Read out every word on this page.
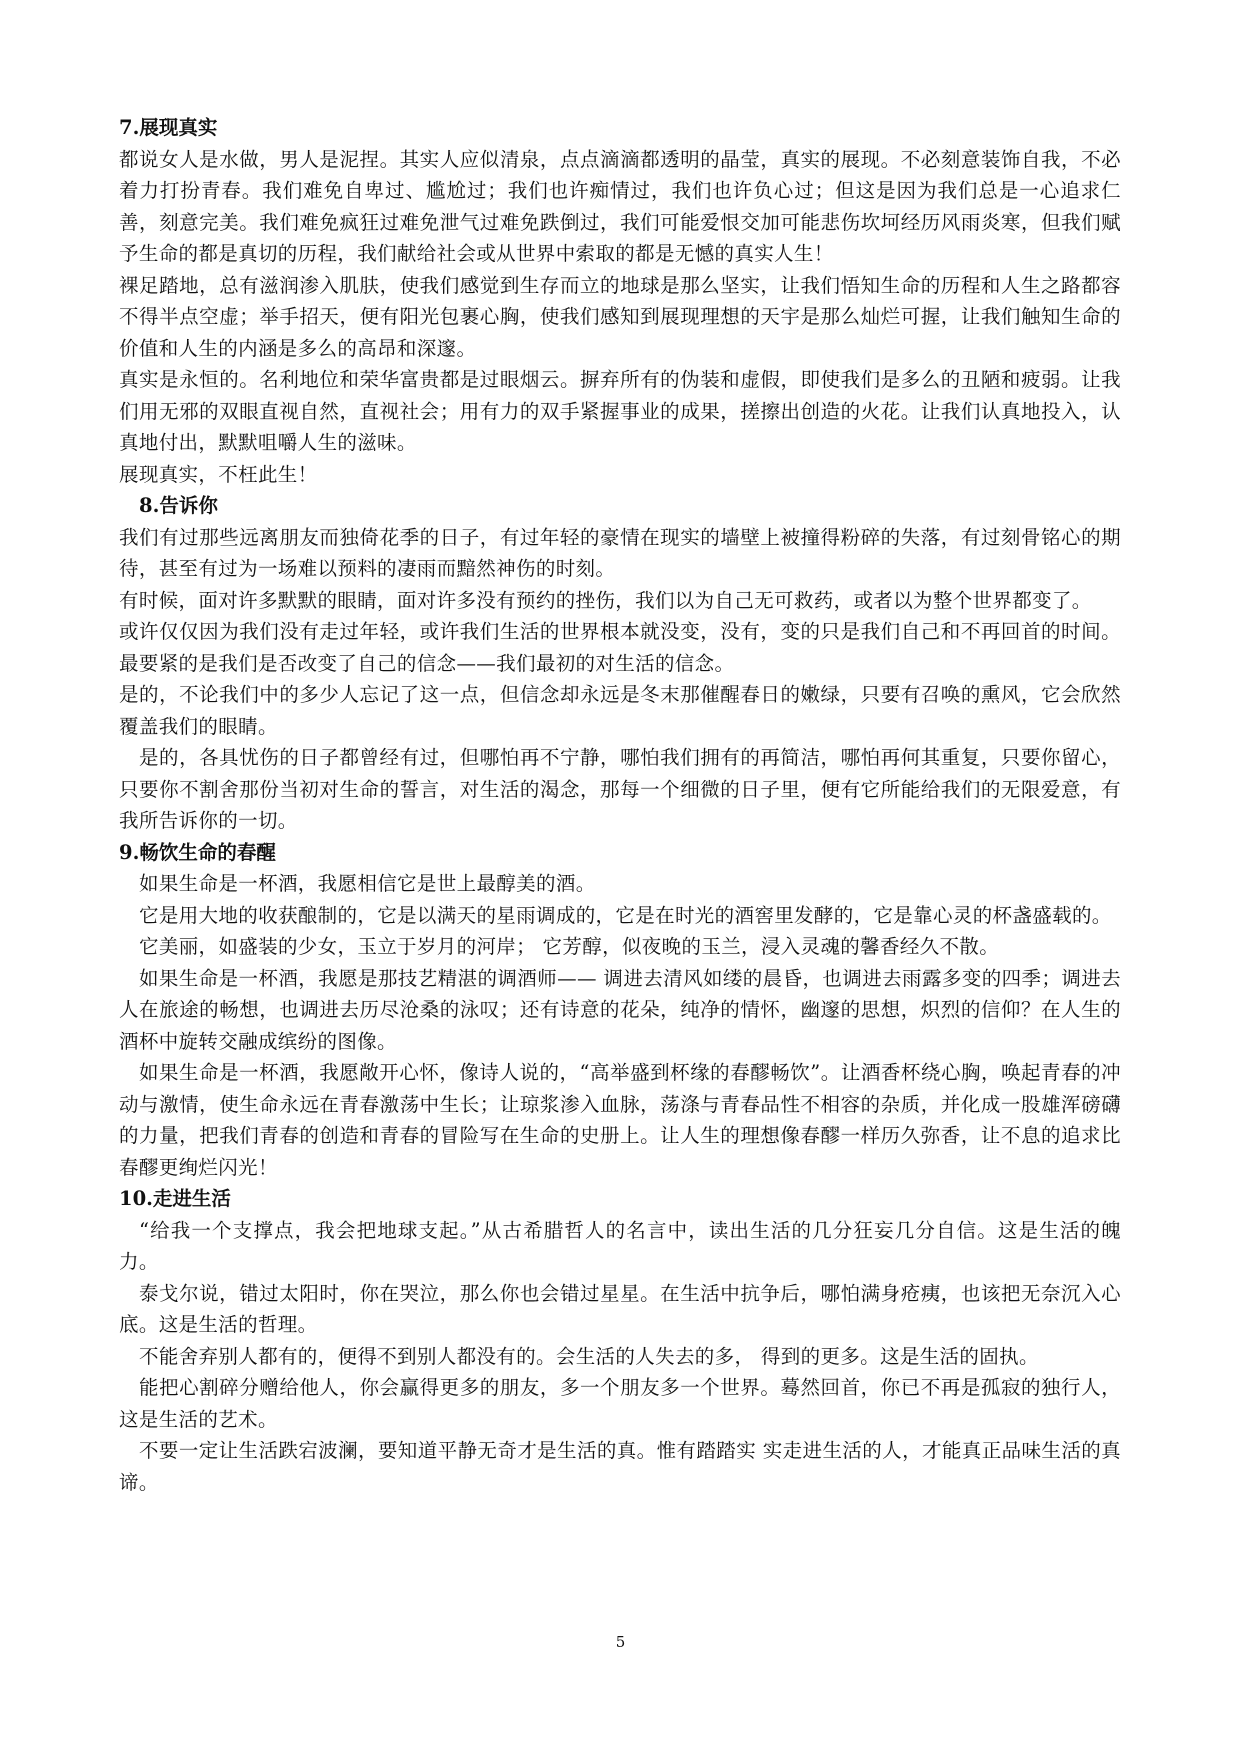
7.展现真实

都说女人是水做，男人是泥捏。其实人应似清泉，点点滴滴都透明的晶莹，真实的展现。不必刻意装饰自我，不必着力打扮青春。我们难免自卑过、尴尬过；我们也许痴情过，我们也许负心过；但这是因为我们总是一心追求仁善，刻意完美。我们难免疯狂过难免泄气过难免跌倒过，我们可能爱恨交加可能悲伤坎坷经历风雨炎寒，但我们赋予生命的都是真切的历程，我们献给社会或从世界中索取的都是无憾的真实人生！

裸足踏地，总有滋润渗入肌肤，使我们感觉到生存而立的地球是那么坚实，让我们悟知生命的历程和人生之路都容不得半点空虚；举手招天，便有阳光包裹心胸，使我们感知到展现理想的天宇是那么灿烂可握，让我们触知生命的价值和人生的内涵是多么的高昂和深邃。

真实是永恒的。名利地位和荣华富贵都是过眼烟云。摒弃所有的伪装和虚假，即使我们是多么的丑陋和疲弱。让我们用无邪的双眼直视自然，直视社会；用有力的双手紧握事业的成果，搓擦出创造的火花。让我们认真地投入，认真地付出，默默咀嚼人生的滋味。

展现真实，不枉此生！

8.告诉你

我们有过那些远离朋友而独倚花季的日子，有过年轻的豪情在现实的墙壁上被撞得粉碎的失落，有过刻骨铭心的期待，甚至有过为一场难以预料的凄雨而黯然神伤的时刻。

有时候，面对许多默默的眼睛，面对许多没有预约的挫伤，我们以为自己无可救药，或者以为整个世界都变了。

或许仅仅因为我们没有走过年轻，或许我们生活的世界根本就没变，没有，变的只是我们自己和不再回首的时间。最要紧的是我们是否改变了自己的信念——我们最初的对生活的信念。

是的，不论我们中的多少人忘记了这一点，但信念却永远是冬末那催醒春日的嫩绿，只要有召唤的熏风，它会欣然覆盖我们的眼睛。

是的，各具忧伤的日子都曾经有过，但哪怕再不宁静，哪怕我们拥有的再简洁，哪怕再何其重复，只要你留心，只要你不割舍那份当初对生命的誓言，对生活的渴念，那每一个细微的日子里，便有它所能给我们的无限爱意，有我所告诉你的一切。

9.畅饮生命的春醒

如果生命是一杯酒，我愿相信它是世上最醇美的酒。

它是用大地的收获酿制的，它是以满天的星雨调成的，它是在时光的酒窖里发酵的，它是靠心灵的杯盏盛载的。

它美丽，如盛装的少女，玉立于岁月的河岸； 它芳醇，似夜晚的玉兰，浸入灵魂的馨香经久不散。

如果生命是一杯酒，我愿是那技艺精湛的调酒师—— 调进去清风如缕的晨昏，也调进去雨露多变的四季；调进去人在旅途的畅想，也调进去历尽沧桑的泳叹；还有诗意的花朵，纯净的情怀，幽邃的思想，炽烈的信仰？在人生的酒杯中旋转交融成缤纷的图像。

如果生命是一杯酒，我愿敞开心怀，像诗人说的，“高举盛到杯缘的春醪畅饮”。让酒香杯绕心胸，唤起青春的冲动与激情，使生命永远在青春激荡中生长；让琼浆渗入血脉，荡涤与青春品性不相容的杂质，并化成一股雄浑磅礴的力量，把我们青春的创造和青春的冒险写在生命的史册上。让人生的理想像春醪一样历久弥香，让不息的追求比春醪更绚烂闪光！

10.走进生活

“给我一个支撑点，我会把地球支起。”从古希腊哲人的名言中，读出生活的几分狂妄几分自信。这是生活的魄力。

泰戈尔说，错过太阳时，你在哭泣，那么你也会错过星星。在生活中抗争后，哪怕满身疮痍，也该把无奈沉入心底。这是生活的哲理。

不能舍弃别人都有的，便得不到别人都没有的。会生活的人失去的多， 得到的更多。这是生活的固执。

能把心割碎分赠给他人，你会赢得更多的朋友，多一个朋友多一个世界。蓦然回首，你已不再是孤寂的独行人，这是生活的艺术。

不要一定让生活跌宕波澜，要知道平静无奇才是生活的真。惟有踏踏实 实走进生活的人，才能真正品味生活的真谛。

5
